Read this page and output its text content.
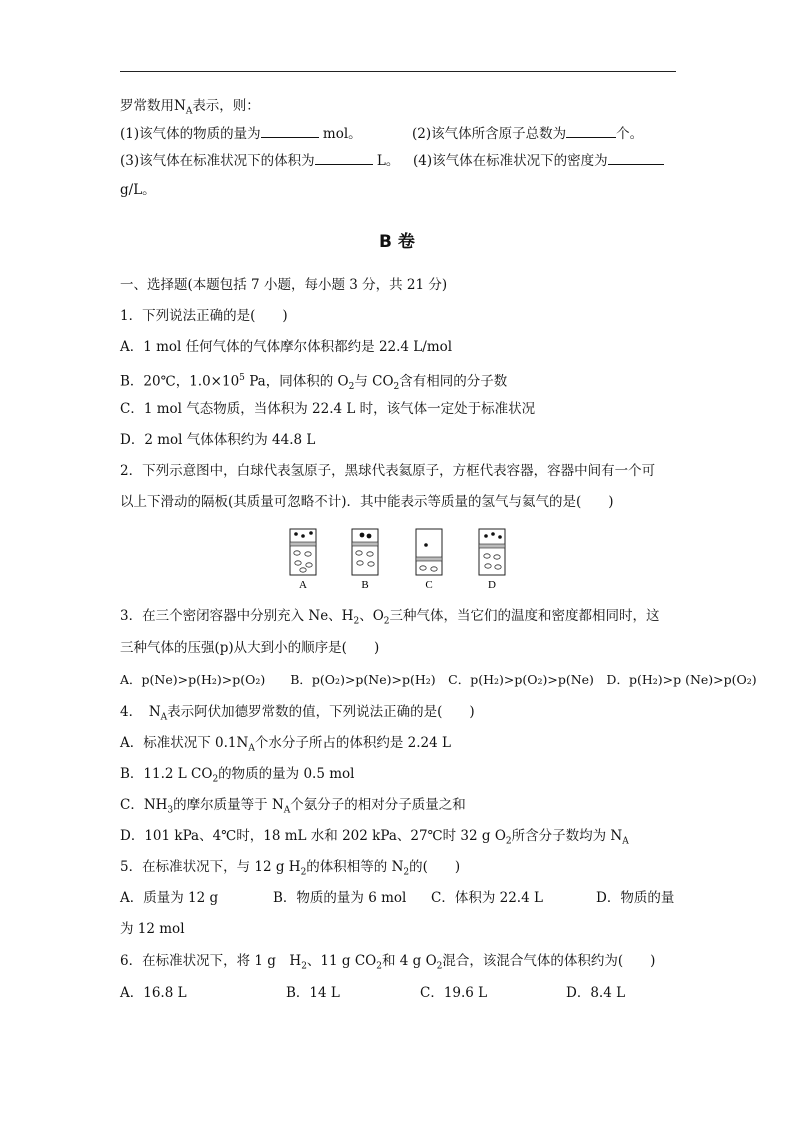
罗常数用$N_A$表示，则：
(1)该气体的物质的量为	mol。	(2)该气体所含原子总数为	个。
(3)该气体在标准状况下的体积为	L。 (4)该气体在标准状况下的密度为
g/L。
B 卷
一、选择题(本题包括 7 小题，每小题 3 分，共 21 分)
1．下列说法正确的是(　　)
A．1 mol 任何气体的气体摩尔体积都约是 22.4 L/mol
B．20℃，$1.0\times 10^5$ Pa，同体积的 $O_2$与 $CO_2$含有相同的分子数
C．1 mol 气态物质，当体积为 22.4 L 时，该气体一定处于标准状况
D．2 mol 气体体积约为 44.8 L
2．下列示意图中，白球代表氢原子，黑球代表氦原子，方框代表容器，容器中间有一个可
以上下滑动的隔板(其质量可忽略不计)．其中能表示等质量的氢气与氦气的是(　　)
A	B	C	D
3．在三个密闭容器中分别充入 Ne、$H_2$、$O_2$三种气体，当它们的温度和密度都相同时，这
三种气体的压强(p)从大到小的顺序是(　　)
A．p(Ne)>p(H₂)>p(O₂)　　B．p(O₂)>p(Ne)>p(H₂)　C．p(H₂)>p(O₂)>p(Ne)　D．p(H₂)>p (Ne)>p(O₂)
4．　$N_A$表示阿伏加德罗常数的值，下列说法正确的是(　　)
A．标准状况下 $0.1N_A$个水分子所占的体积约是 2.24 L
B．11.2 L $CO_2$的物质的量为 0.5 mol
C．$NH_3$的摩尔质量等于 $N_A$个氨分子的相对分子质量之和
D．101 kPa、4℃时，18 mL 水和 202 kPa、27℃时 32 g $O_2$所含分子数均为 $N_A$
5．在标准状况下，与 12 g $H_2$的体积相等的 $N_2$的(　　)
A．质量为 12 g	B．物质的量为 6 mol C．体积为 22.4 L	D．物质的量
为 12 mol
6．在标准状况下，将 1 g　$H_2$、11 g $CO_2$和 4 g $O_2$混合，该混合气体的体积约为(　　)
A．16.8 L	B．14 L	C．19.6 L	D．8.4 L
